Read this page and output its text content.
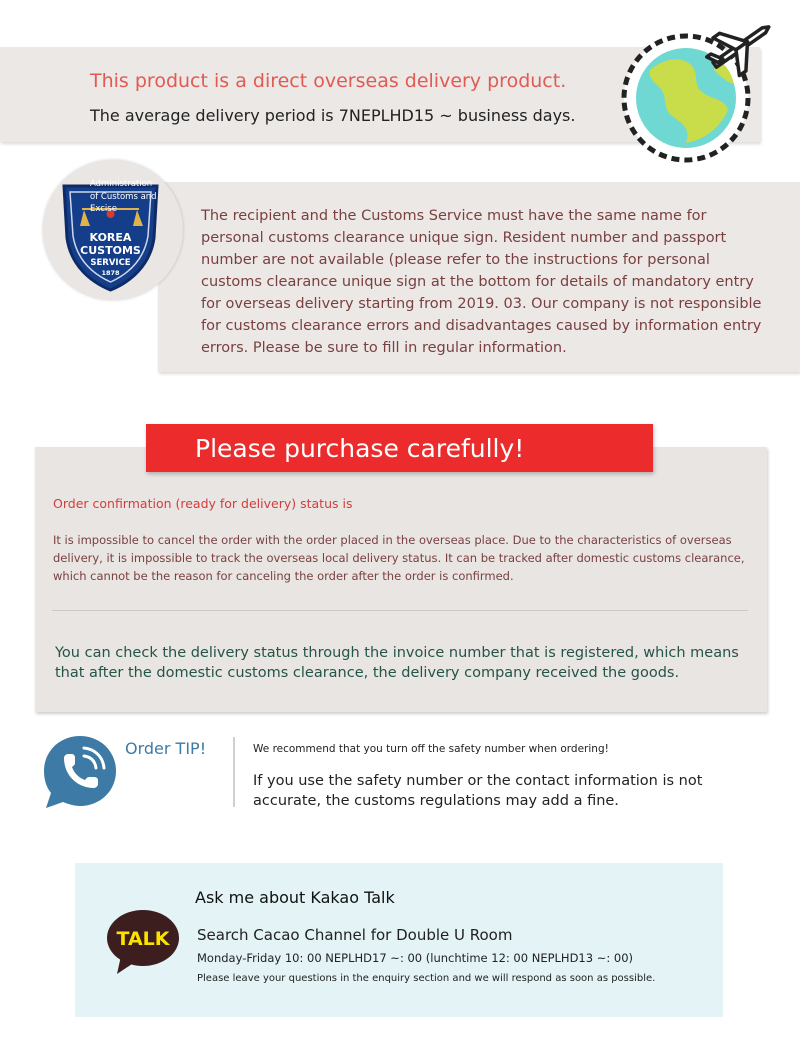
This product is a direct overseas delivery product.
The average delivery period is 7NEPLHD15 ~ business days.
KOREA
CUSTOMS
SERVICE
1878
Administration of Customs and Excise	The recipient and the Customs Service must have the same name for personal customs clearance unique sign. Resident number and passport number are not available (please refer to the instructions for personal customs clearance unique sign at the bottom for details of mandatory entry for overseas delivery starting from 2019. 03. Our company is not responsible for customs clearance errors and disadvantages caused by information entry errors. Please be sure to fill in regular information.
Please purchase carefully!
Order confirmation (ready for delivery) status is
It is impossible to cancel the order with the order placed in the overseas place. Due to the characteristics of overseas delivery, it is impossible to track the overseas local delivery status. It can be tracked after domestic customs clearance, which cannot be the reason for canceling the order after the order is confirmed.
You can check the delivery status through the invoice number that is registered, which means that after the domestic customs clearance, the delivery company received the goods.
Order TIP!	We recommend that you turn off the safety number when ordering!
If you use the safety number or the contact information is not accurate, the customs regulations may add a fine.
TALK
Ask me about Kakao Talk
Search Cacao Channel for Double U Room
Monday-Friday 10: 00 NEPLHD17 ~: 00 (lunchtime 12: 00 NEPLHD13 ~: 00)
Please leave your questions in the enquiry section and we will respond as soon as possible.
